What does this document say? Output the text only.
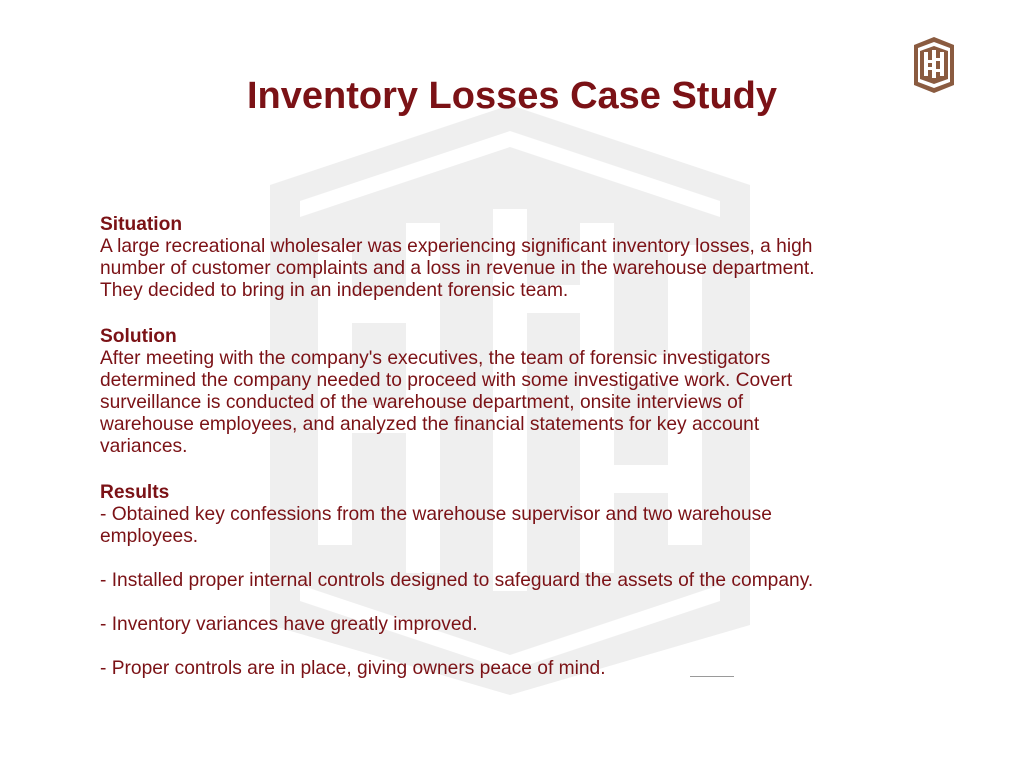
Inventory Losses Case Study

Situation

A large recreational wholesaler was experiencing significant inventory losses, a high
number of customer complaints and a loss in revenue in the warehouse department.
They decided to bring in an independent forensic team.

Solution

After meeting with the company's executives, the team of forensic investigators
determined the company needed to proceed with some investigative work. Covert
surveillance is conducted of the warehouse department, onsite interviews of
warehouse employees, and analyzed the financial statements for key account
variances.

Results

- Obtained key confessions from the warehouse supervisor and two warehouse
employees.
- Installed proper internal controls designed to safeguard the assets of the company.
- Inventory variances have greatly improved.
- Proper controls are in place, giving owners peace of mind.
